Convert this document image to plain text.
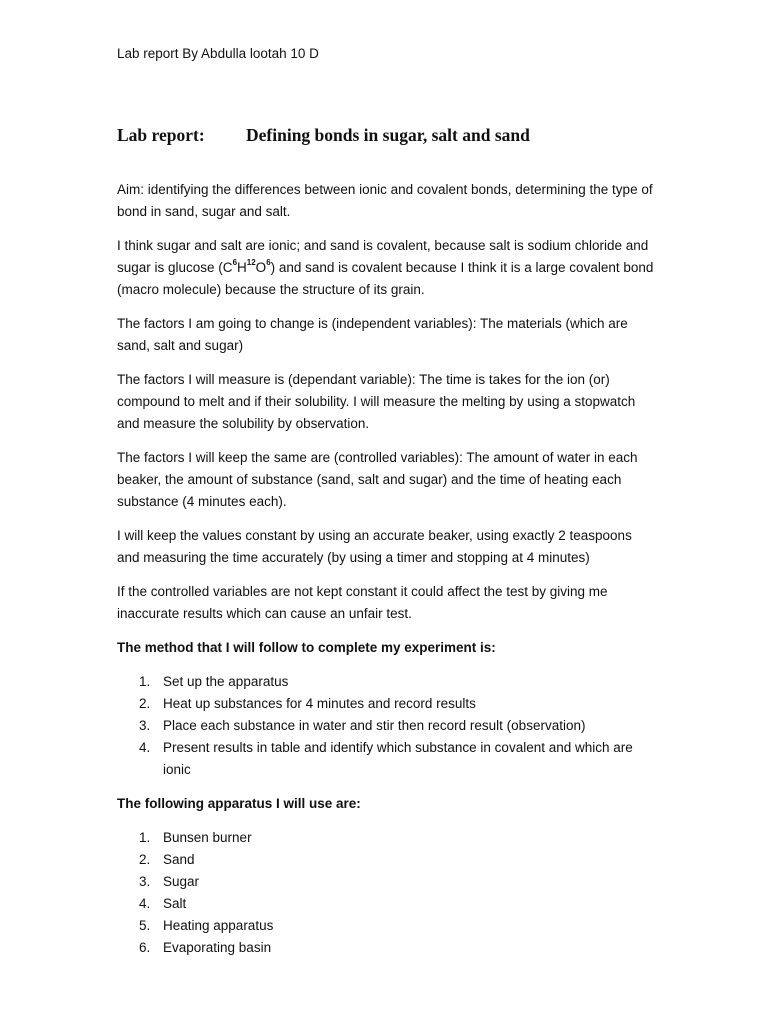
Lab report By Abdulla lootah 10 D
Lab report: Defining bonds in sugar, salt and sand

Aim: identifying the differences between ionic and covalent bonds, determining the type of bond in sand, sugar and salt.

I think sugar and salt are ionic; and sand is covalent, because salt is sodium chloride and sugar is glucose $(C^6H^{12}O^6)$ and sand is covalent because I think it is a large covalent bond (macro molecule) because the structure of its grain.

The factors I am going to change is (independent variables): The materials (which are sand, salt and sugar)

The factors I will measure is (dependant variable): The time is takes for the ion (or) compound to melt and if their solubility. I will measure the melting by using a stopwatch and measure the solubility by observation.

The factors I will keep the same are (controlled variables): The amount of water in each beaker, the amount of substance (sand, salt and sugar) and the time of heating each substance (4 minutes each).

I will keep the values constant by using an accurate beaker, using exactly 2 teaspoons and measuring the time accurately (by using a timer and stopping at 4 minutes)

If the controlled variables are not kept constant it could affect the test by giving me inaccurate results which can cause an unfair test.

The method that I will follow to complete my experiment is:

1. Set up the apparatus
2. Heat up substances for 4 minutes and record results
3. Place each substance in water and stir then record result (observation)
4. Present results in table and identify which substance in covalent and which are ionic

The following apparatus I will use are:

1. Bunsen burner
2. Sand
3. Sugar
4. Salt
5. Heating apparatus
6. Evaporating basin
